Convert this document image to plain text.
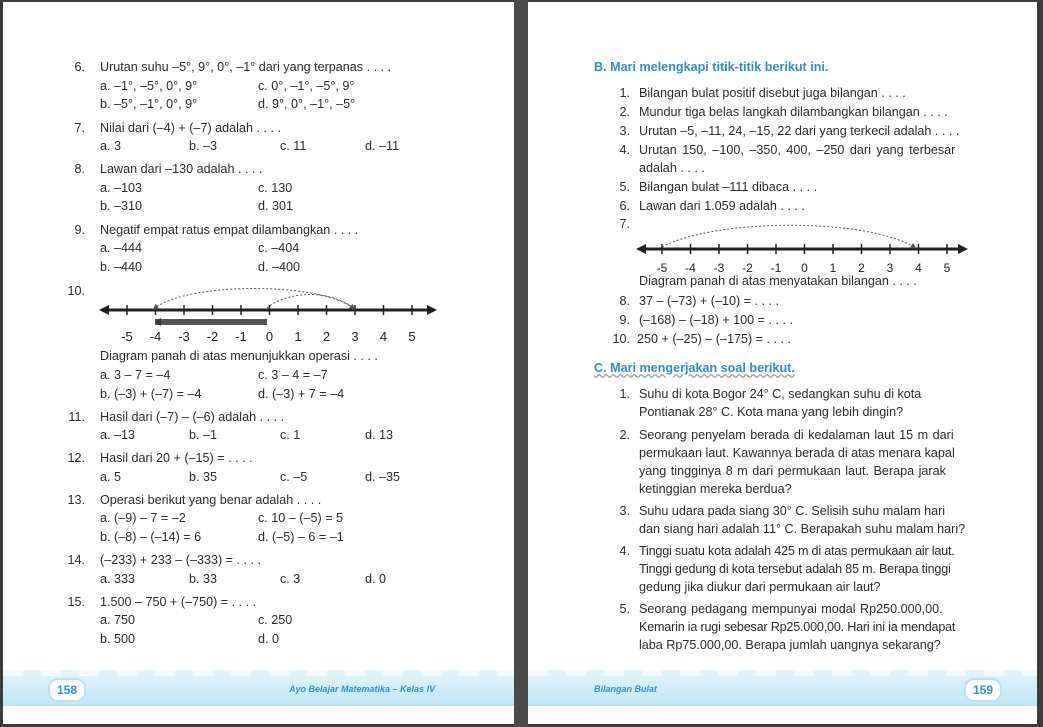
6. Urutan suhu –5°, 9°, 0°, –1° dari yang terpanas . . . .
a. –1°, –5°, 0°, 9°	c. 0°, –1°, –5°, 9°
b. –5°, –1°, 0°, 9°	d. 9°, 0°, –1°, –5°
7. Nilai dari (–4) + (–7) adalah . . . .
a. 3	b. –3	c. 11	d. –11
8. Lawan dari –130 adalah . . . .
a. –103	c. 130
b. –310	d. 301
9. Negatif empat ratus empat dilambangkan . . . .
a. –444	c. –404
b. –440	d. –400
10.
-5 -4 -3 -2 -1 0 1 2 3 4 5
Diagram panah di atas menunjukkan operasi . . . .
a. 3 – 7 = –4	c. 3 – 4 = –7
b. (–3) + (–7) = –4	d. (–3) + 7 = –4
11. Hasil dari (–7) – (–6) adalah . . . .
a. –13	b. –1	c. 1	d. 13
12. Hasil dari 20 + (–15) = . . . .
a. 5	b. 35	c. –5	d. –35
13. Operasi berikut yang benar adalah . . . .
a. (–9) – 7 = –2	c. 10 – (–5) = 5
b. (–8) – (–14) = 6	d. (–5) – 6 = –1
14. (–233) + 233 – (–333) = . . . .
a. 333	b. 33	c. 3	d. 0
15. 1.500 – 750 + (–750) = . . . .
a. 750	c. 250
b. 500	d. 0
158	Ayo Belajar Matematika – Kelas IV
B. Mari melengkapi titik-titik berikut ini.
1. Bilangan bulat positif disebut juga bilangan . . . .
2. Mundur tiga belas langkah dilambangkan bilangan . . . .
3. Urutan –5, –11, 24, –15, 22 dari yang terkecil adalah . . . .
4. Urutan 150, –100, –350, 400, –250 dari yang terbesar
adalah . . . .
5. Bilangan bulat –111 dibaca . . . .
6. Lawan dari 1.059 adalah . . . .
7.
-5 -4 -3 -2 -1 0 1 2 3 4 5
Diagram panah di atas menyatakan bilangan . . . .
8. 37 – (–73) + (–10) = . . . .
9. (–168) – (–18) + 100 = . . . .
10. 250 + (–25) – (–175) = . . . .
C. Mari mengerjakan soal berikut.
1. Suhu di kota Bogor 24° C, sedangkan suhu di kota
Pontianak 28° C. Kota mana yang lebih dingin?
2. Seorang penyelam berada di kedalaman laut 15 m dari
permukaan laut. Kawannya berada di atas menara kapal
yang tingginya 8 m dari permukaan laut. Berapa jarak
ketinggian mereka berdua?
3. Suhu udara pada siang 30° C. Selisih suhu malam hari
dan siang hari adalah 11° C. Berapakah suhu malam hari?
4. Tinggi suatu kota adalah 425 m di atas permukaan air laut.
Tinggi gedung di kota tersebut adalah 85 m. Berapa tinggi
gedung jika diukur dari permukaan air laut?
5. Seorang pedagang mempunyai modal Rp250.000,00.
Kemarin ia rugi sebesar Rp25.000,00. Hari ini ia mendapat
laba Rp75.000,00. Berapa jumlah uangnya sekarang?
Bilangan Bulat	159
